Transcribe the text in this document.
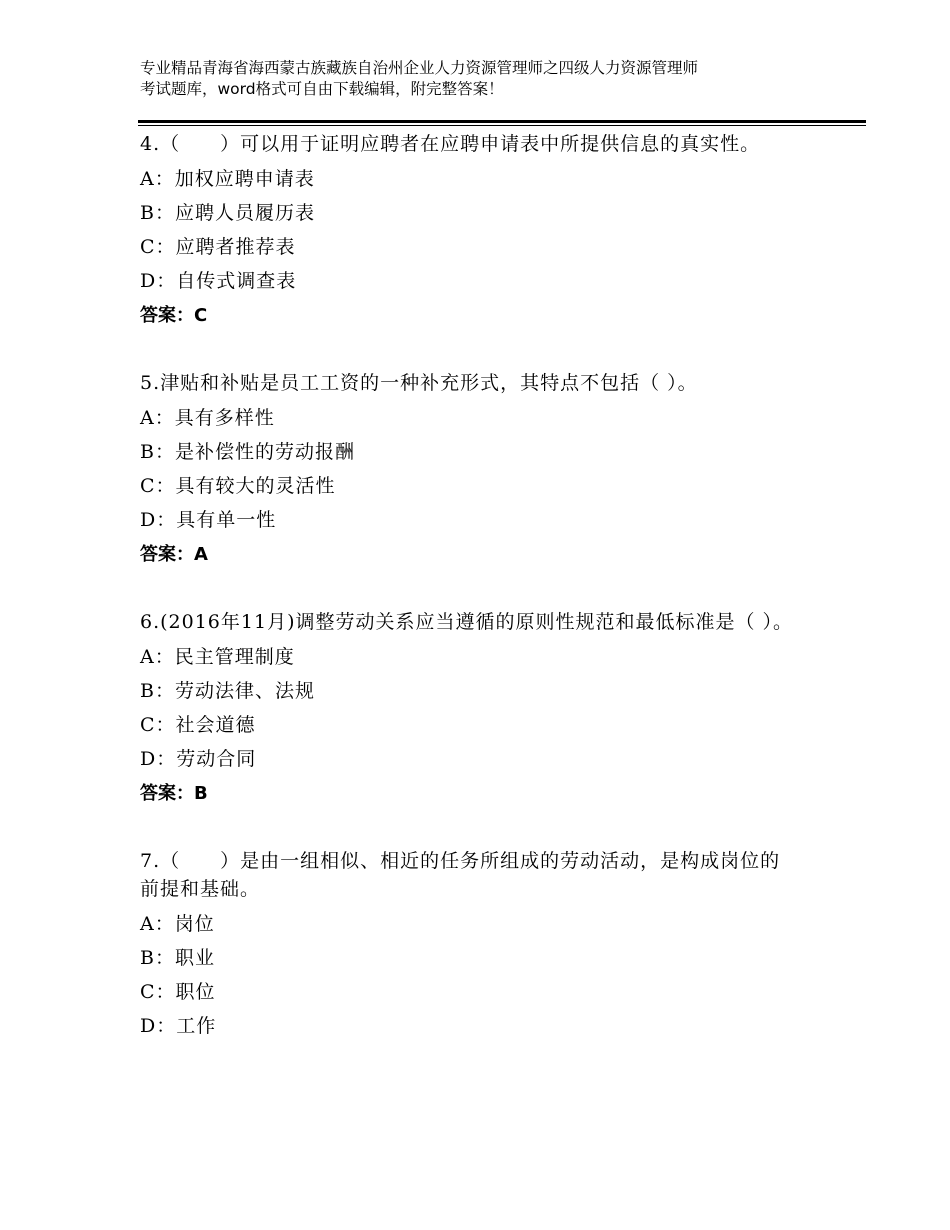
专业精品青海省海西蒙古族藏族自治州企业人力资源管理师之四级人力资源管理师
考试题库，word格式可自由下载编辑，附完整答案！
4.（　　）可以用于证明应聘者在应聘申请表中所提供信息的真实性。
A：加权应聘申请表
B：应聘人员履历表
C：应聘者推荐表
D：自传式调查表
答案：C
5.津贴和补贴是员工工资的一种补充形式，其特点不包括（ ）。
A：具有多样性
B：是补偿性的劳动报酬
C：具有较大的灵活性
D：具有单一性
答案：A
6.(2016年11月)调整劳动关系应当遵循的原则性规范和最低标准是（ ）。
A：民主管理制度
B：劳动法律、法规
C：社会道德
D：劳动合同
答案：B
7.（　　）是由一组相似、相近的任务所组成的劳动活动，是构成岗位的前提和基础。
A：岗位
B：职业
C：职位
D：工作
